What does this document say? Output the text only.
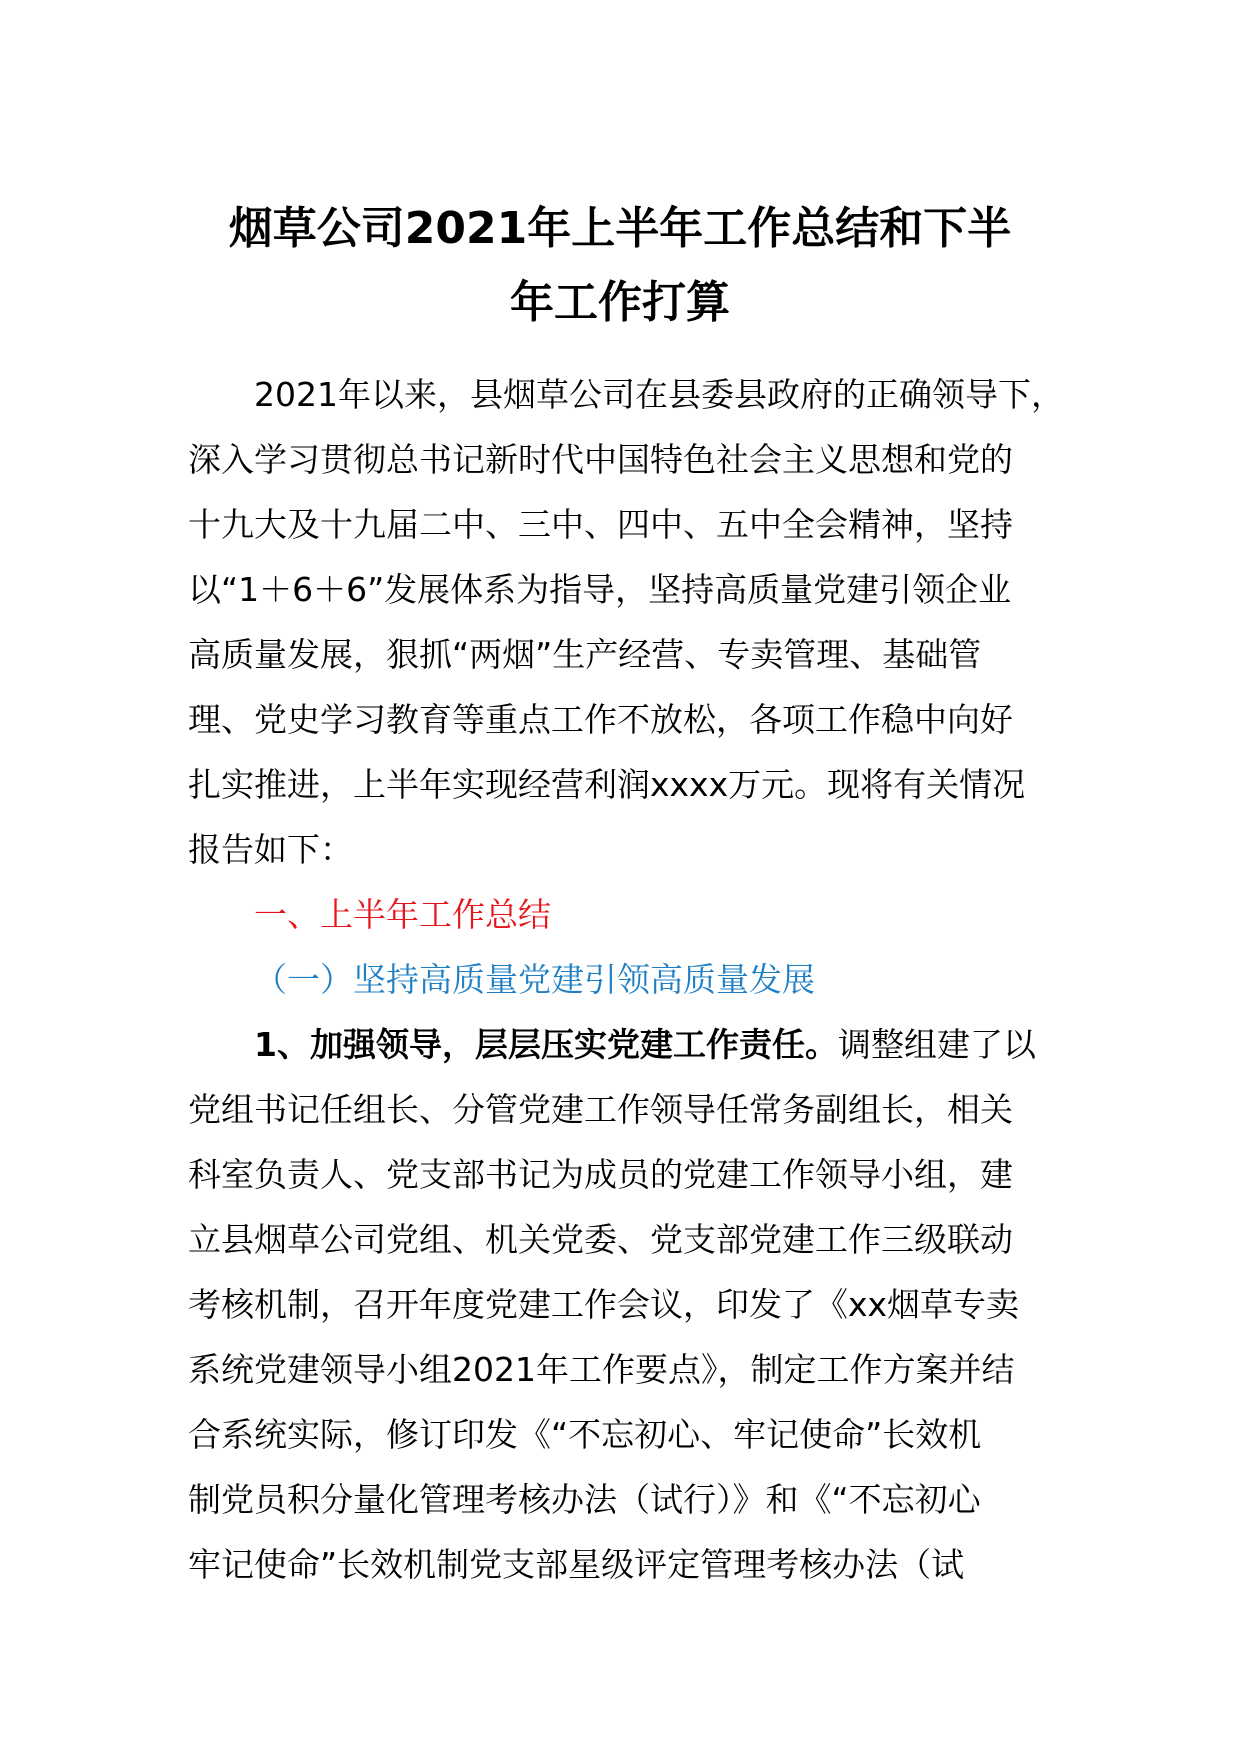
烟草公司2021年上半年工作总结和下半
年工作打算
2021年以来，县烟草公司在县委县政府的正确领导下，
深入学习贯彻总书记新时代中国特色社会主义思想和党的
十九大及十九届二中、三中、四中、五中全会精神，坚持
以“1＋6＋6”发展体系为指导，坚持高质量党建引领企业
高质量发展，狠抓“两烟”生产经营、专卖管理、基础管
理、党史学习教育等重点工作不放松，各项工作稳中向好
扎实推进，上半年实现经营利润xxxx万元。现将有关情况
报告如下：
一、上半年工作总结
（一）坚持高质量党建引领高质量发展
1、加强领导，层层压实党建工作责任。调整组建了以
党组书记任组长、分管党建工作领导任常务副组长，相关
科室负责人、党支部书记为成员的党建工作领导小组，建
立县烟草公司党组、机关党委、党支部党建工作三级联动
考核机制，召开年度党建工作会议，印发了《xx烟草专卖
系统党建领导小组2021年工作要点》，制定工作方案并结
合系统实际，修订印发《“不忘初心、牢记使命”长效机
制党员积分量化管理考核办法（试行）》和《“不忘初心
牢记使命”长效机制党支部星级评定管理考核办法（试
